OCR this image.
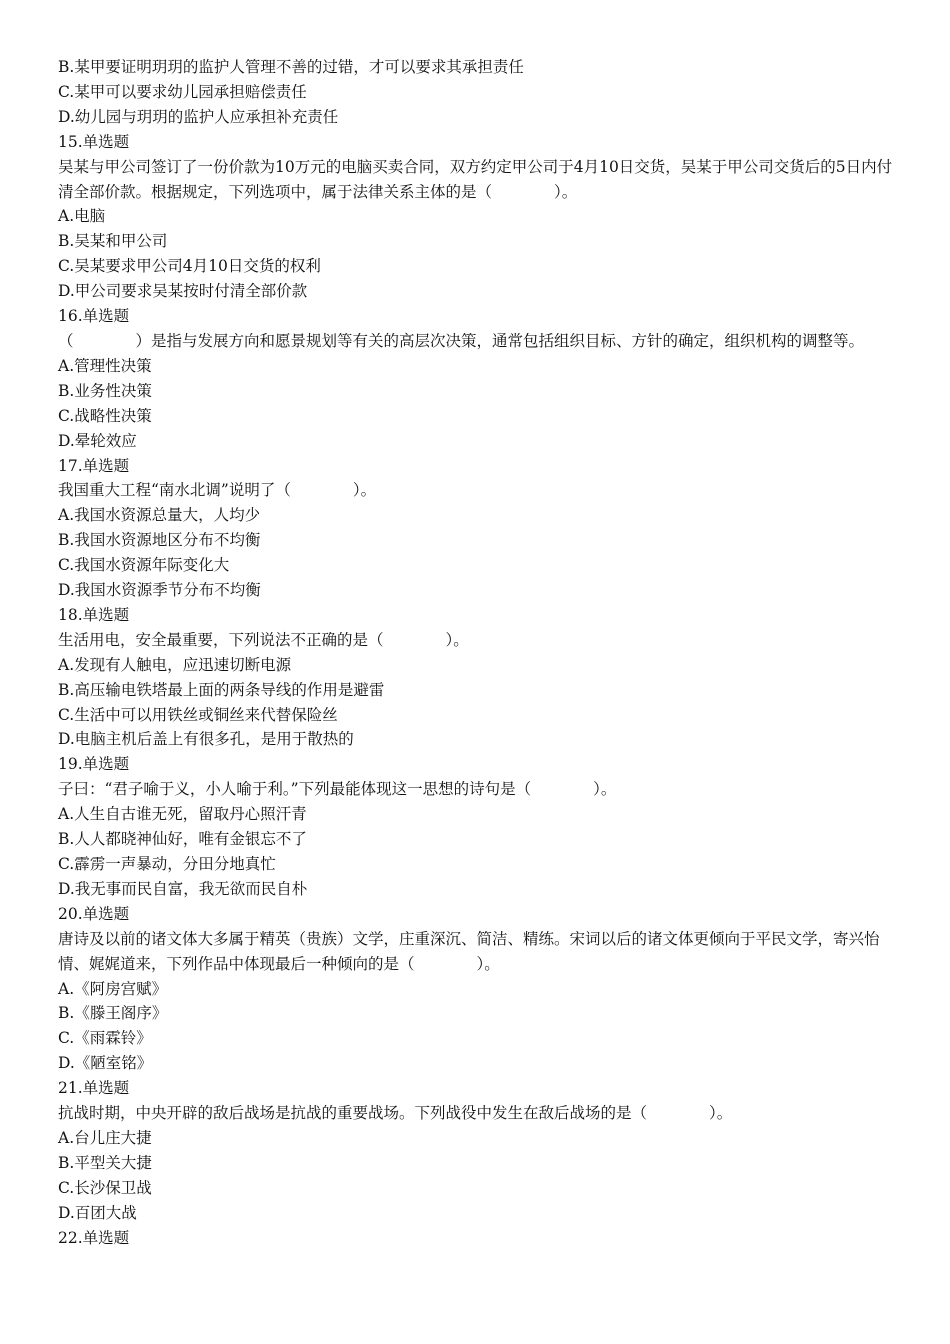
B.某甲要证明玥玥的监护人管理不善的过错，才可以要求其承担责任

C.某甲可以要求幼儿园承担赔偿责任

D.幼儿园与玥玥的监护人应承担补充责任

15.单选题

吴某与甲公司签订了一份价款为10万元的电脑买卖合同，双方约定甲公司于4月10日交货，吴某于甲公司交货后的5日内付清全部价款。根据规定，下列选项中，属于法律关系主体的是（　　　　）。

A.电脑

B.吴某和甲公司

C.吴某要求甲公司4月10日交货的权利

D.甲公司要求吴某按时付清全部价款

16.单选题

（　　　　）是指与发展方向和愿景规划等有关的高层次决策，通常包括组织目标、方针的确定，组织机构的调整等。

A.管理性决策

B.业务性决策

C.战略性决策

D.晕轮效应

17.单选题

我国重大工程“南水北调”说明了（　　　　）。

A.我国水资源总量大，人均少

B.我国水资源地区分布不均衡

C.我国水资源年际变化大

D.我国水资源季节分布不均衡

18.单选题

生活用电，安全最重要，下列说法不正确的是（　　　　）。

A.发现有人触电，应迅速切断电源

B.高压输电铁塔最上面的两条导线的作用是避雷

C.生活中可以用铁丝或铜丝来代替保险丝

D.电脑主机后盖上有很多孔，是用于散热的

19.单选题

子曰：“君子喻于义，小人喻于利。”下列最能体现这一思想的诗句是（　　　　）。

A.人生自古谁无死，留取丹心照汗青

B.人人都晓神仙好，唯有金银忘不了

C.霹雳一声暴动，分田分地真忙

D.我无事而民自富，我无欲而民自朴

20.单选题

唐诗及以前的诸文体大多属于精英（贵族）文学，庄重深沉、简洁、精练。宋词以后的诸文体更倾向于平民文学，寄兴怡情、娓娓道来，下列作品中体现最后一种倾向的是（　　　　）。

A.《阿房宫赋》

B.《滕王阁序》

C.《雨霖铃》

D.《陋室铭》

21.单选题

抗战时期，中央开辟的敌后战场是抗战的重要战场。下列战役中发生在敌后战场的是（　　　　）。

A.台儿庄大捷

B.平型关大捷

C.长沙保卫战

D.百团大战

22.单选题
